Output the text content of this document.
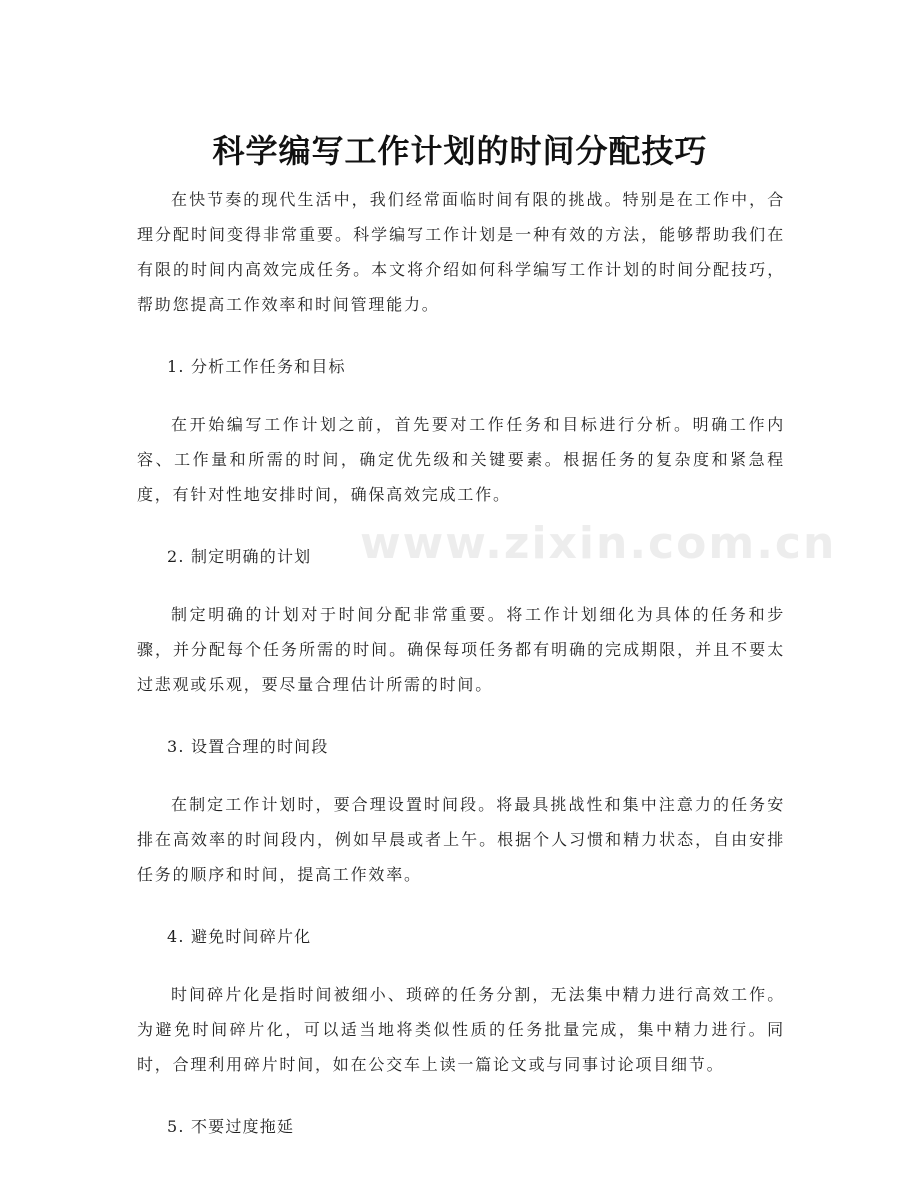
www.zixin.com.cn
科学编写工作计划的时间分配技巧

在快节奏的现代生活中，我们经常面临时间有限的挑战。特别是在工作中，合理分配时间变得非常重要。科学编写工作计划是一种有效的方法，能够帮助我们在有限的时间内高效完成任务。本文将介绍如何科学编写工作计划的时间分配技巧，帮助您提高工作效率和时间管理能力。

1. 分析工作任务和目标

在开始编写工作计划之前，首先要对工作任务和目标进行分析。明确工作内容、工作量和所需的时间，确定优先级和关键要素。根据任务的复杂度和紧急程度，有针对性地安排时间，确保高效完成工作。

2. 制定明确的计划

制定明确的计划对于时间分配非常重要。将工作计划细化为具体的任务和步骤，并分配每个任务所需的时间。确保每项任务都有明确的完成期限，并且不要太过悲观或乐观，要尽量合理估计所需的时间。

3. 设置合理的时间段

在制定工作计划时，要合理设置时间段。将最具挑战性和集中注意力的任务安排在高效率的时间段内，例如早晨或者上午。根据个人习惯和精力状态，自由安排任务的顺序和时间，提高工作效率。

4. 避免时间碎片化

时间碎片化是指时间被细小、琐碎的任务分割，无法集中精力进行高效工作。为避免时间碎片化，可以适当地将类似性质的任务批量完成，集中精力进行。同时，合理利用碎片时间，如在公交车上读一篇论文或与同事讨论项目细节。

5. 不要过度拖延
